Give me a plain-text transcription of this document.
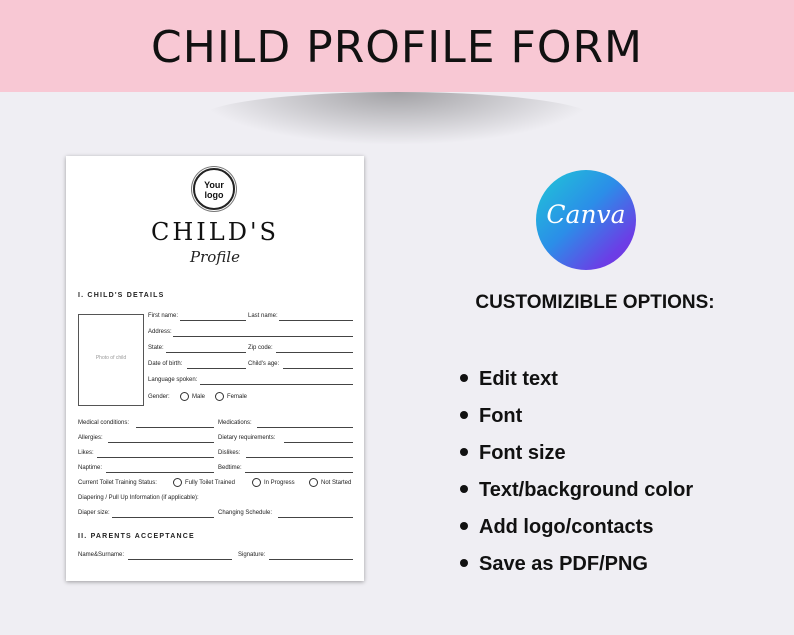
CHILD PROFILE FORM
Your
logo
CHILD'S
Profile
I. CHILD'S DETAILS
Photo of child
First name:	Last name:
Address:
State:	Zip code:
Date of birth:	Child's age:
Language spoken:
Gender:	Male	Female
Medical conditions:	Medications:
Allergies:	Dietary requirements:
Likes:	Dislikes:
Naptime:	Bedtime:
Current Toilet Training Status:	Fully Toilet Trained	In Progress	Not Started
Diapering / Pull Up Information (if applicable):
Diaper size:	Changing Schedule:
II. PARENTS ACCEPTANCE
Name&Surname:	Signature:
Canva
CUSTOMIZIBLE OPTIONS:
Edit text
Font
Font size
Text/background color
Add logo/contacts
Save as PDF/PNG
